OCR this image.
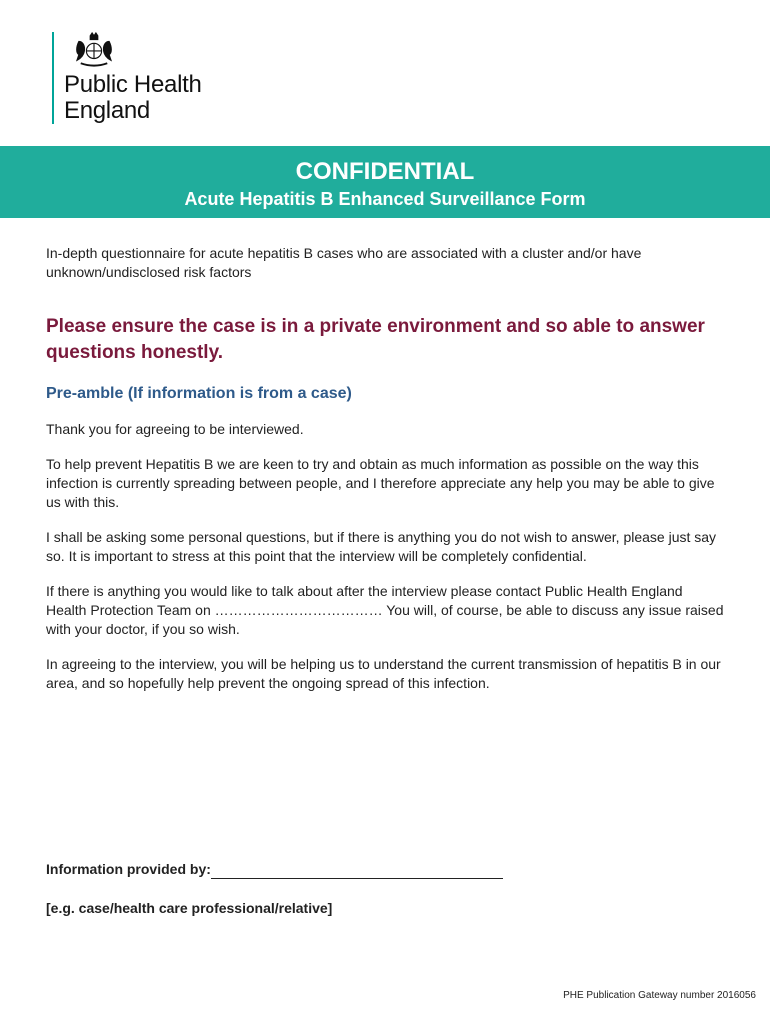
Public Health
England
CONFIDENTIAL
Acute Hepatitis B Enhanced Surveillance Form

In-depth questionnaire for acute hepatitis B cases who are associated with a cluster and/or have unknown/undisclosed risk factors

Please ensure the case is in a private environment and so able to answer questions honestly.

Pre-amble (If information is from a case)

Thank you for agreeing to be interviewed.

To help prevent Hepatitis B we are keen to try and obtain as much information as possible on the way this infection is currently spreading between people, and I therefore appreciate any help you may be able to give us with this.

I shall be asking some personal questions, but if there is anything you do not wish to answer, please just say so. It is important to stress at this point that the interview will be completely confidential.

If there is anything you would like to talk about after the interview please contact Public Health England Health Protection Team on ……………………………… You will, of course, be able to discuss any issue raised with your doctor, if you so wish.

In agreeing to the interview, you will be helping us to understand the current transmission of hepatitis B in our area, and so hopefully help prevent the ongoing spread of this infection.

Information provided by:
[e.g. case/health care professional/relative]
PHE Publication Gateway number 2016056
